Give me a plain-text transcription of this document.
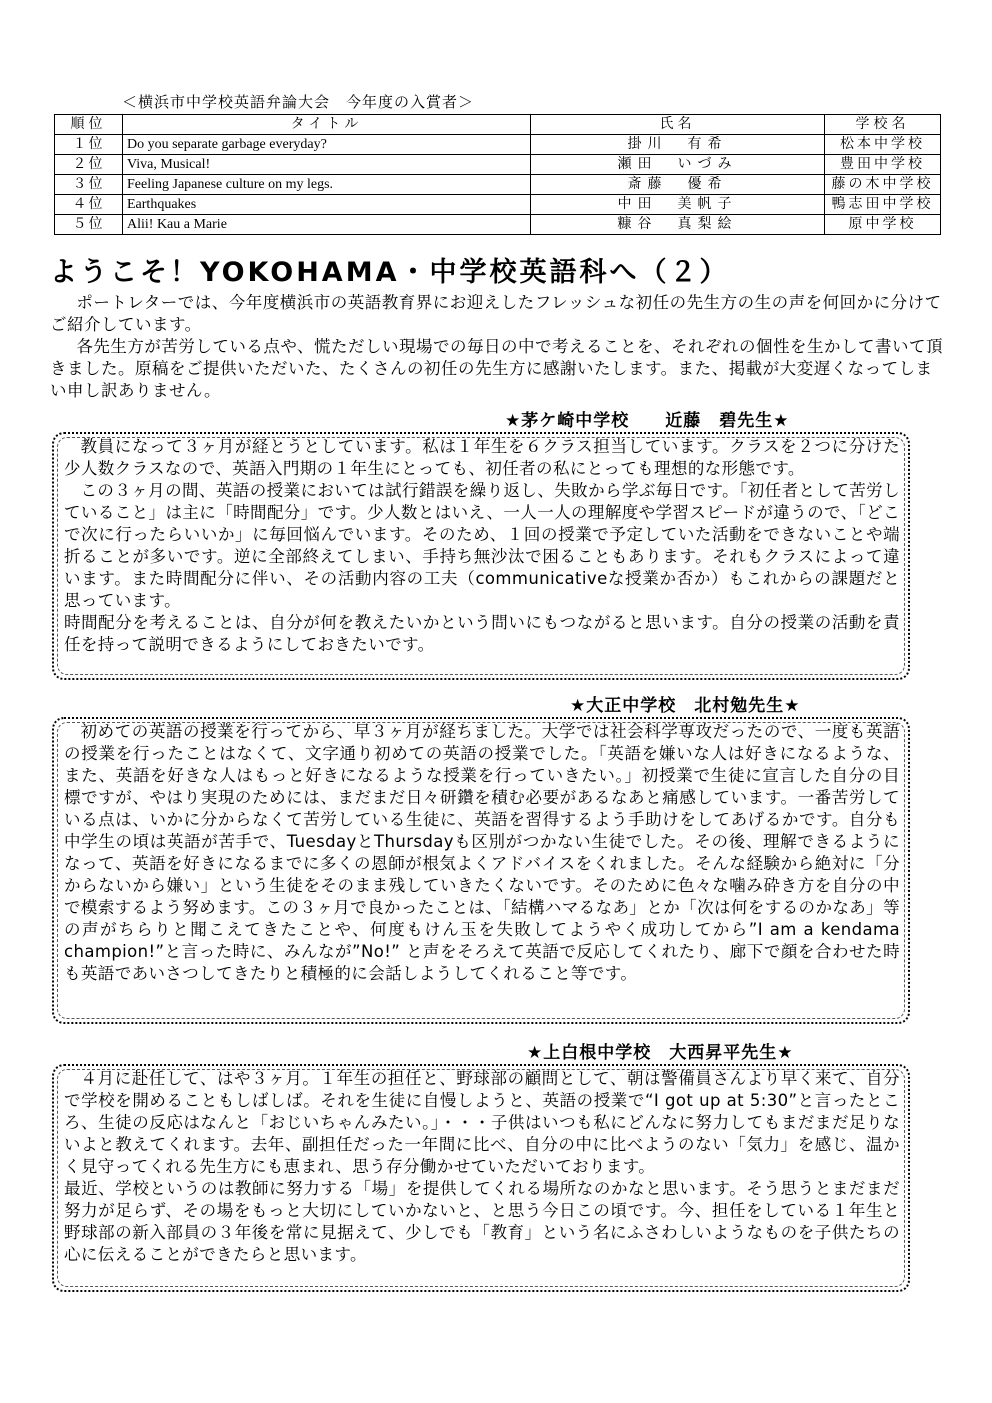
＜横浜市中学校英語弁論大会　今年度の入賞者＞
順位	タイトル	氏名	学校名
１位	Do you separate garbage everyday?	掛川　有希	松本中学校
２位	Viva, Musical!	瀬田　いづみ	豊田中学校
３位	Feeling Japanese culture on my legs.	斎藤　優希	藤の木中学校
４位	Earthquakes	中田　美帆子	鴨志田中学校
５位	Alii! Kau a Marie	糠谷　真梨絵	原中学校
ようこそ！YOKOHAMA・中学校英語科へ（２）

ポートレターでは、今年度横浜市の英語教育界にお迎えしたフレッシュな初任の先生方の生の声を何回かに分けてご紹介しています。

各先生方が苦労している点や、慌ただしい現場での毎日の中で考えることを、それぞれの個性を生かして書いて頂きました。原稿をご提供いただいた、たくさんの初任の先生方に感謝いたします。また、掲載が大変遅くなってしまい申し訳ありません。

★茅ケ崎中学校　　近藤　碧先生★

教員になって３ヶ月が経とうとしています。私は１年生を６クラス担当しています。クラスを２つに分けた少人数クラスなので、英語入門期の１年生にとっても、初任者の私にとっても理想的な形態です。

この３ヶ月の間、英語の授業においては試行錯誤を繰り返し、失敗から学ぶ毎日です。「初任者として苦労していること」は主に「時間配分」です。少人数とはいえ、一人一人の理解度や学習スピードが違うので、「どこで次に行ったらいいか」に毎回悩んでいます。そのため、１回の授業で予定していた活動をできないことや端折ることが多いです。逆に全部終えてしまい、手持ち無沙汰で困ることもあります。それもクラスによって違います。また時間配分に伴い、その活動内容の工夫（communicativeな授業か否か）もこれからの課題だと思っています。

時間配分を考えることは、自分が何を教えたいかという問いにもつながると思います。自分の授業の活動を責任を持って説明できるようにしておきたいです。

★大正中学校　北村勉先生★

初めての英語の授業を行ってから、早３ヶ月が経ちました。大学では社会科学専攻だったので、一度も英語の授業を行ったことはなくて、文字通り初めての英語の授業でした。「英語を嫌いな人は好きになるような、また、英語を好きな人はもっと好きになるような授業を行っていきたい。」初授業で生徒に宣言した自分の目標ですが、やはり実現のためには、まだまだ日々研鑽を積む必要があるなあと痛感しています。一番苦労している点は、いかに分からなくて苦労している生徒に、英語を習得するよう手助けをしてあげるかです。自分も中学生の頃は英語が苦手で、TuesdayとThursdayも区別がつかない生徒でした。その後、理解できるようになって、英語を好きになるまでに多くの恩師が根気よくアドバイスをくれました。そんな経験から絶対に「分からないから嫌い」という生徒をそのまま残していきたくないです。そのために色々な噛み砕き方を自分の中で模索するよう努めます。この３ヶ月で良かったことは、「結構ハマるなあ」とか「次は何をするのかなあ」等の声がちらりと聞こえてきたことや、何度もけん玉を失敗してようやく成功してから”I am a kendama champion!”と言った時に、みんなが”No!” と声をそろえて英語で反応してくれたり、廊下で顔を合わせた時も英語であいさつしてきたりと積極的に会話しようしてくれること等です。

★上白根中学校　大西昇平先生★

４月に赴任して、はや３ヶ月。１年生の担任と、野球部の顧問として、朝は警備員さんより早く来て、自分で学校を開めることもしばしば。それを生徒に自慢しようと、英語の授業で“I got up at 5:30”と言ったところ、生徒の反応はなんと「おじいちゃんみたい。」・・・子供はいつも私にどんなに努力してもまだまだ足りないよと教えてくれます。去年、副担任だった一年間に比べ、自分の中に比べようのない「気力」を感じ、温かく見守ってくれる先生方にも恵まれ、思う存分働かせていただいております。

最近、学校というのは教師に努力する「場」を提供してくれる場所なのかなと思います。そう思うとまだまだ努力が足らず、その場をもっと大切にしていかないと、と思う今日この頃です。今、担任をしている１年生と野球部の新入部員の３年後を常に見据えて、少しでも「教育」という名にふさわしいようなものを子供たちの心に伝えることができたらと思います。
